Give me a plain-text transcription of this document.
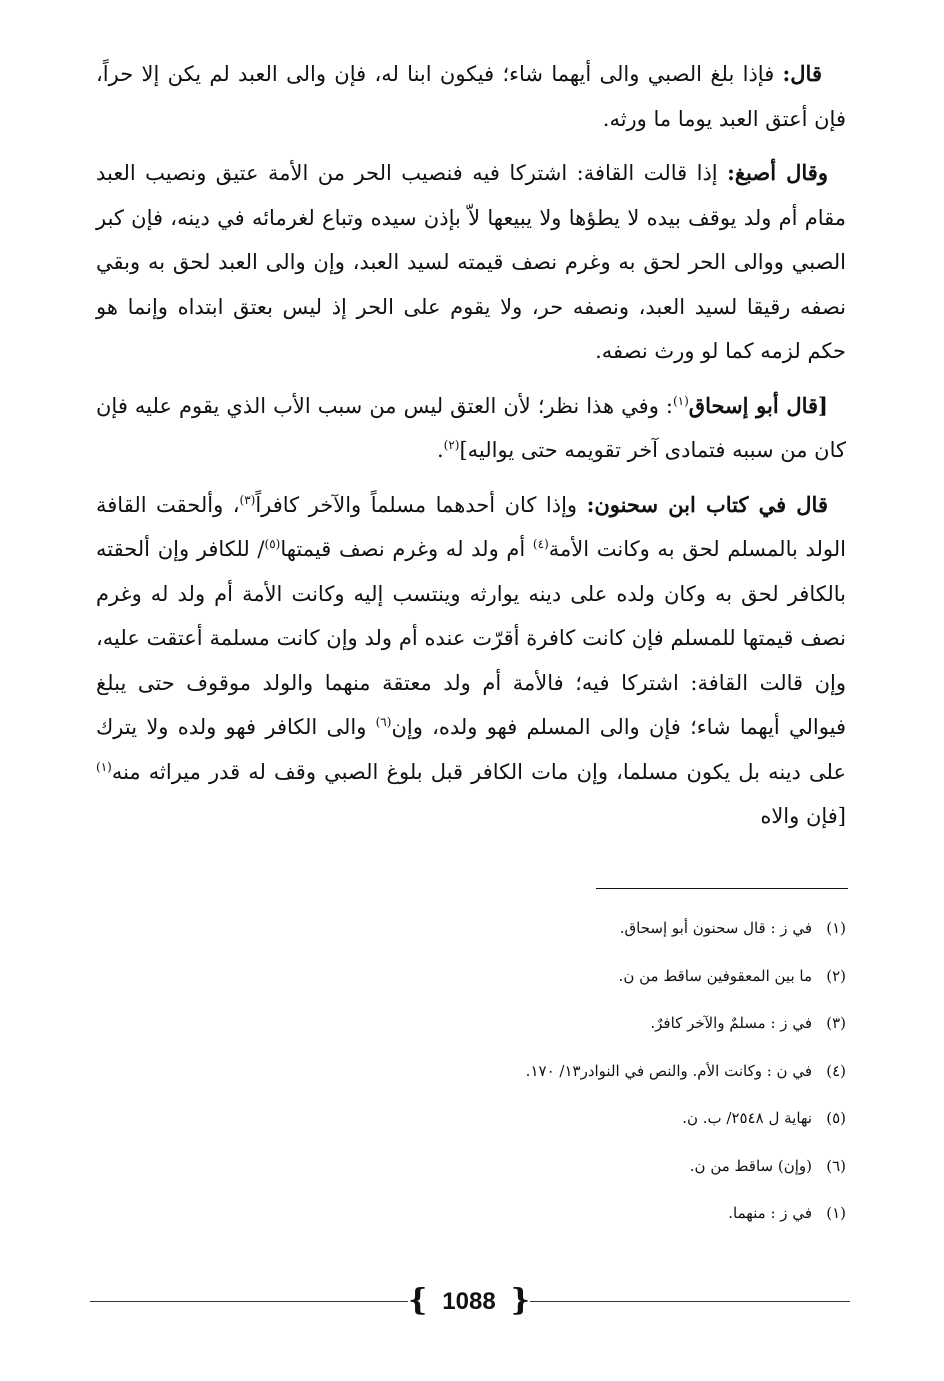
قال: فإذا بلغ الصبي والى أيهما شاء؛ فيكون ابنا له، فإن والى العبد لم يكن إلا حراً، فإن أعتق العبد يوما ما ورثه.

وقال أصبغ: إذا قالت القافة: اشتركا فيه فنصيب الحر من الأمة عتيق ونصيب العبد مقام أم ولد يوقف بيده لا يطؤها ولا يبيعها لاّ بإذن سيده وتباع لغرمائه في دينه، فإن كبر الصبي ووالى الحر لحق به وغرم نصف قيمته لسيد العبد، وإن والى العبد لحق به وبقي نصفه رقيقا لسيد العبد، ونصفه حر، ولا يقوم على الحر إذ ليس بعتق ابتداه وإنما هو حكم لزمه كما لو ورث نصفه.

[قال أبو إسحاق$^{(١)}$: وفي هذا نظر؛ لأن العتق ليس من سبب الأب الذي يقوم عليه فإن كان من سببه فتمادى آخر تقويمه حتى يواليه]$^{(٢)}$.

قال في كتاب ابن سحنون: وإذا كان أحدهما مسلماً والآخر كافراً$^{(٣)}$، وألحقت القافة الولد بالمسلم لحق به وكانت الأمة$^{(٤)}$ أم ولد له وغرم نصف قيمتها$^{(٥)}$/ للكافر وإن ألحقته بالكافر لحق به وكان ولده على دينه يوارثه وينتسب إليه وكانت الأمة أم ولد له وغرم نصف قيمتها للمسلم فإن كانت كافرة أقرّت عنده أم ولد وإن كانت مسلمة أعتقت عليه، وإن قالت القافة: اشتركا فيه؛ فالأمة أم ولد معتقة منهما والولد موقوف حتى يبلغ فيوالي أيهما شاء؛ فإن والى المسلم فهو ولده، وإن$^{(٦)}$ والى الكافر فهو ولده ولا يترك على دينه بل يكون مسلما، وإن مات الكافر قبل بلوغ الصبي وقف له قدر ميراثه منه$^{(١)}$ [فإن والاه

(١)في ز : قال سحنون أبو إسحاق.
(٢)ما بين المعقوفين ساقط من ن.
(٣)في ز : مسلمٌ والآخر كافرٌ.
(٤)في ن : وكانت الأم. والنص في النوادر١٣/ ١٧٠.
(٥)نهاية ل ٢٥٤٨/ ب. ن.
(٦)(وإن) ساقط من ن.
(١)في ز : منهما.
{ 1088 }
